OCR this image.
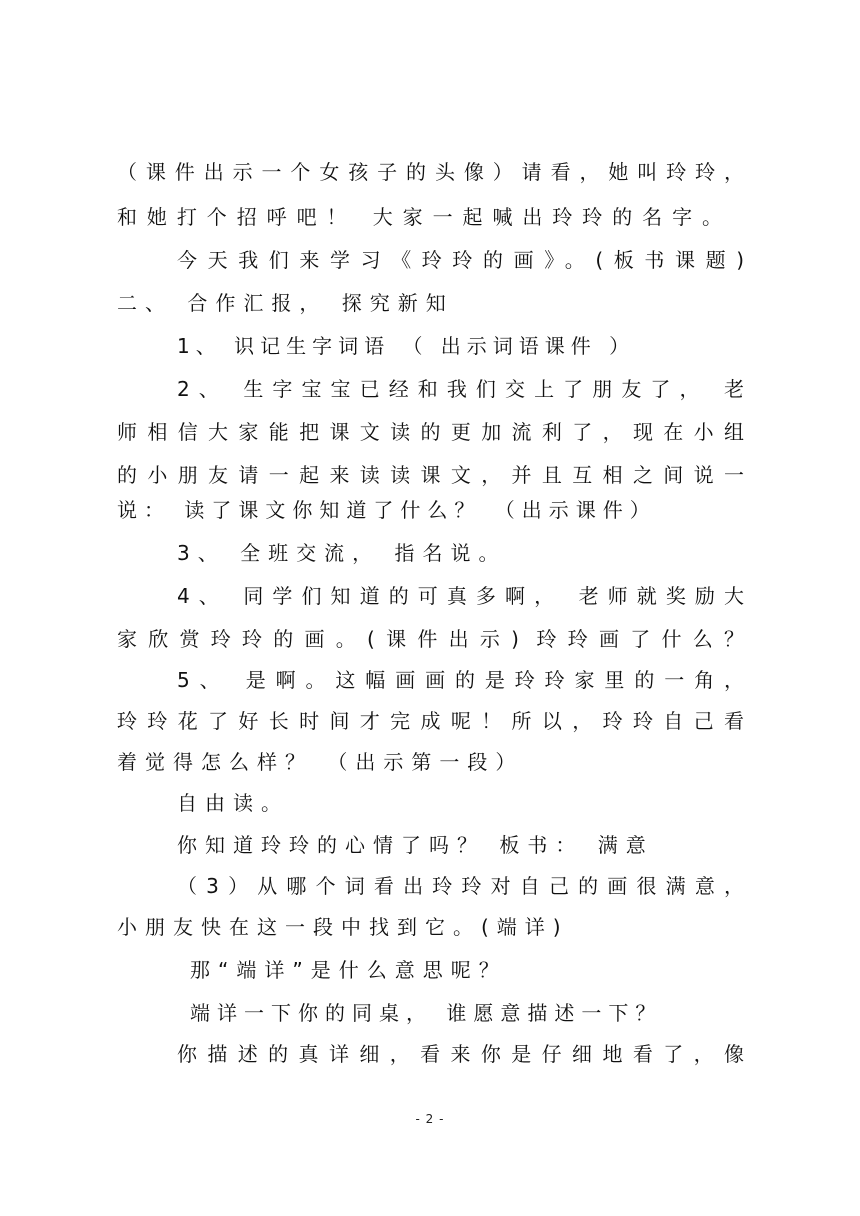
（课件出示一个女孩子的头像）请看，她叫玲玲，
和她打个招呼吧！ 大家一起喊出玲玲的名字。
今天我们来学习《玲玲的画》。(板书课题)
二、 合作汇报， 探究新知
1、 识记生字词语 （ 出示词语课件 ）
2、 生字宝宝已经和我们交上了朋友了， 老
师相信大家能把课文读的更加流利了，现在小组
的小朋友请一起来读读课文，并且互相之间说一
说： 读了课文你知道了什么？ （出示课件）
3、 全班交流， 指名说。
4、 同学们知道的可真多啊， 老师就奖励大
家欣赏玲玲的画。(课件出示) 玲玲画了什么？
5、 是啊。这幅画画的是玲玲家里的一角，
玲玲花了好长时间才完成呢！所以，玲玲自己看
着觉得怎么样？ （出示第一段）
自由读。
你知道玲玲的心情了吗？ 板书： 满意
（3）从哪个词看出玲玲对自己的画很满意，
小朋友快在这一段中找到它。(端详)
那“端详”是什么意思呢？
端详一下你的同桌， 谁愿意描述一下？
你描述的真详细，看来你是仔细地看了，像
- 2 -
